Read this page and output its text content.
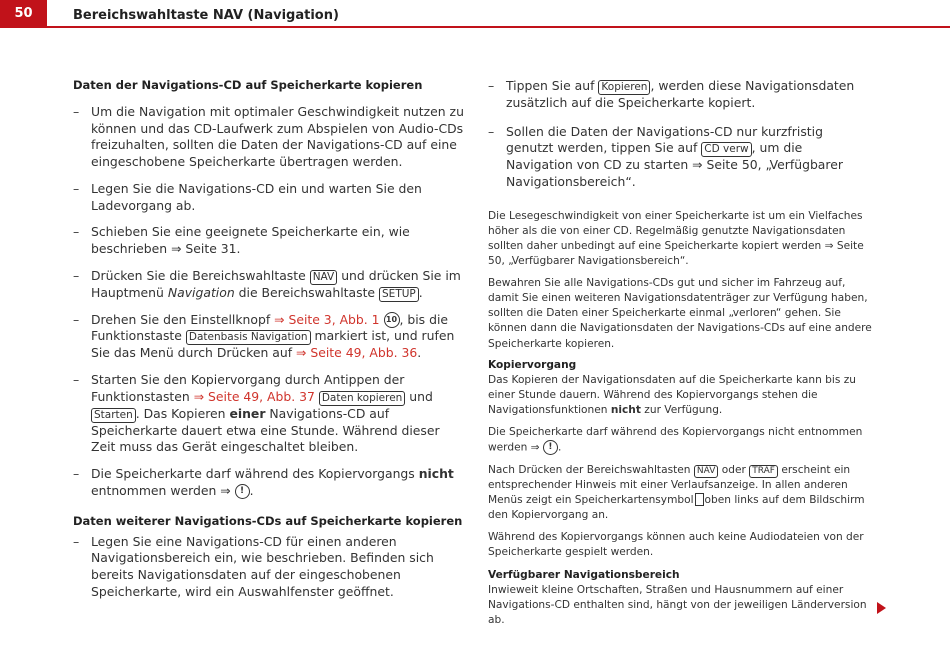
50	Bereichswahltaste NAV (Navigation)
Daten der Navigations-CD auf Speicherkarte kopieren
– Um die Navigation mit optimaler Geschwindigkeit nutzen zu können und das CD-Laufwerk zum Abspielen von Audio-CDs freizuhalten, sollten die Daten der Navigations-CD auf eine eingeschobene Speicherkarte übertragen werden.
– Legen Sie die Navigations-CD ein und warten Sie den Ladevorgang ab.
– Schieben Sie eine geeignete Speicherkarte ein, wie beschrieben ⇒ Seite 31.
– Drücken Sie die Bereichswahltaste NAV und drücken Sie im Hauptmenü Navigation die Bereichswahltaste SETUP .
– Drehen Sie den Einstellknopf ⇒ Seite 3, Abb. 1 10 , bis die Funktionstaste Datenbasis Navigation markiert ist, und rufen Sie das Menü durch Drücken auf ⇒ Seite 49, Abb. 36.
– Starten Sie den Kopiervorgang durch Antippen der Funktionstasten ⇒ Seite 49, Abb. 37 Daten kopieren und Starten . Das Kopieren einer Navigations-CD auf Speicherkarte dauert etwa eine Stunde. Während dieser Zeit muss das Gerät eingeschaltet bleiben.
– Die Speicherkarte darf während des Kopiervorgangs nicht entnommen werden ⇒ ! .
Daten weiterer Navigations-CDs auf Speicherkarte kopieren
– Legen Sie eine Navigations-CD für einen anderen Navigationsbereich ein, wie beschrieben. Befinden sich bereits Navigationsdaten auf der eingeschobenen Speicherkarte, wird ein Auswahlfenster geöffnet.
– Tippen Sie auf Kopieren , werden diese Navigationsdaten zusätzlich auf die Speicherkarte kopiert.
– Sollen die Daten der Navigations-CD nur kurzfristig genutzt werden, tippen Sie auf CD verw , um die Navigation von CD zu starten ⇒ Seite 50, „Verfügbarer Navigationsbereich“.
Die Lesegeschwindigkeit von einer Speicherkarte ist um ein Vielfaches höher als die von einer CD. Regelmäßig genutzte Navigationsdaten sollten daher unbedingt auf eine Speicherkarte kopiert werden ⇒ Seite 50, „Verfügbarer Navigationsbereich“.
Bewahren Sie alle Navigations-CDs gut und sicher im Fahrzeug auf, damit Sie einen weiteren Navigationsdatenträger zur Verfügung haben, sollten die Daten einer Speicherkarte einmal „verloren“ gehen. Sie können dann die Navigationsdaten der Navigations-CDs auf eine andere Speicherkarte kopieren.
Kopiervorgang
Das Kopieren der Navigationsdaten auf die Speicherkarte kann bis zu einer Stunde dauern. Während des Kopiervorgangs stehen die Navigationsfunktionen nicht zur Verfügung.
Die Speicherkarte darf während des Kopiervorgangs nicht entnommen werden ⇒ ! .
Nach Drücken der Bereichswahltasten NAV oder TRAF erscheint ein entsprechender Hinweis mit einer Verlaufsanzeige. In allen anderen Menüs zeigt ein Speicherkartensymbol oben links auf dem Bildschirm den Kopiervorgang an.
Während des Kopiervorgangs können auch keine Audiodateien von der Speicherkarte gespielt werden.
Verfügbarer Navigationsbereich
Inwieweit kleine Ortschaften, Straßen und Hausnummern auf einer Navigations-CD enthalten sind, hängt von der jeweiligen Länderversion ab.
